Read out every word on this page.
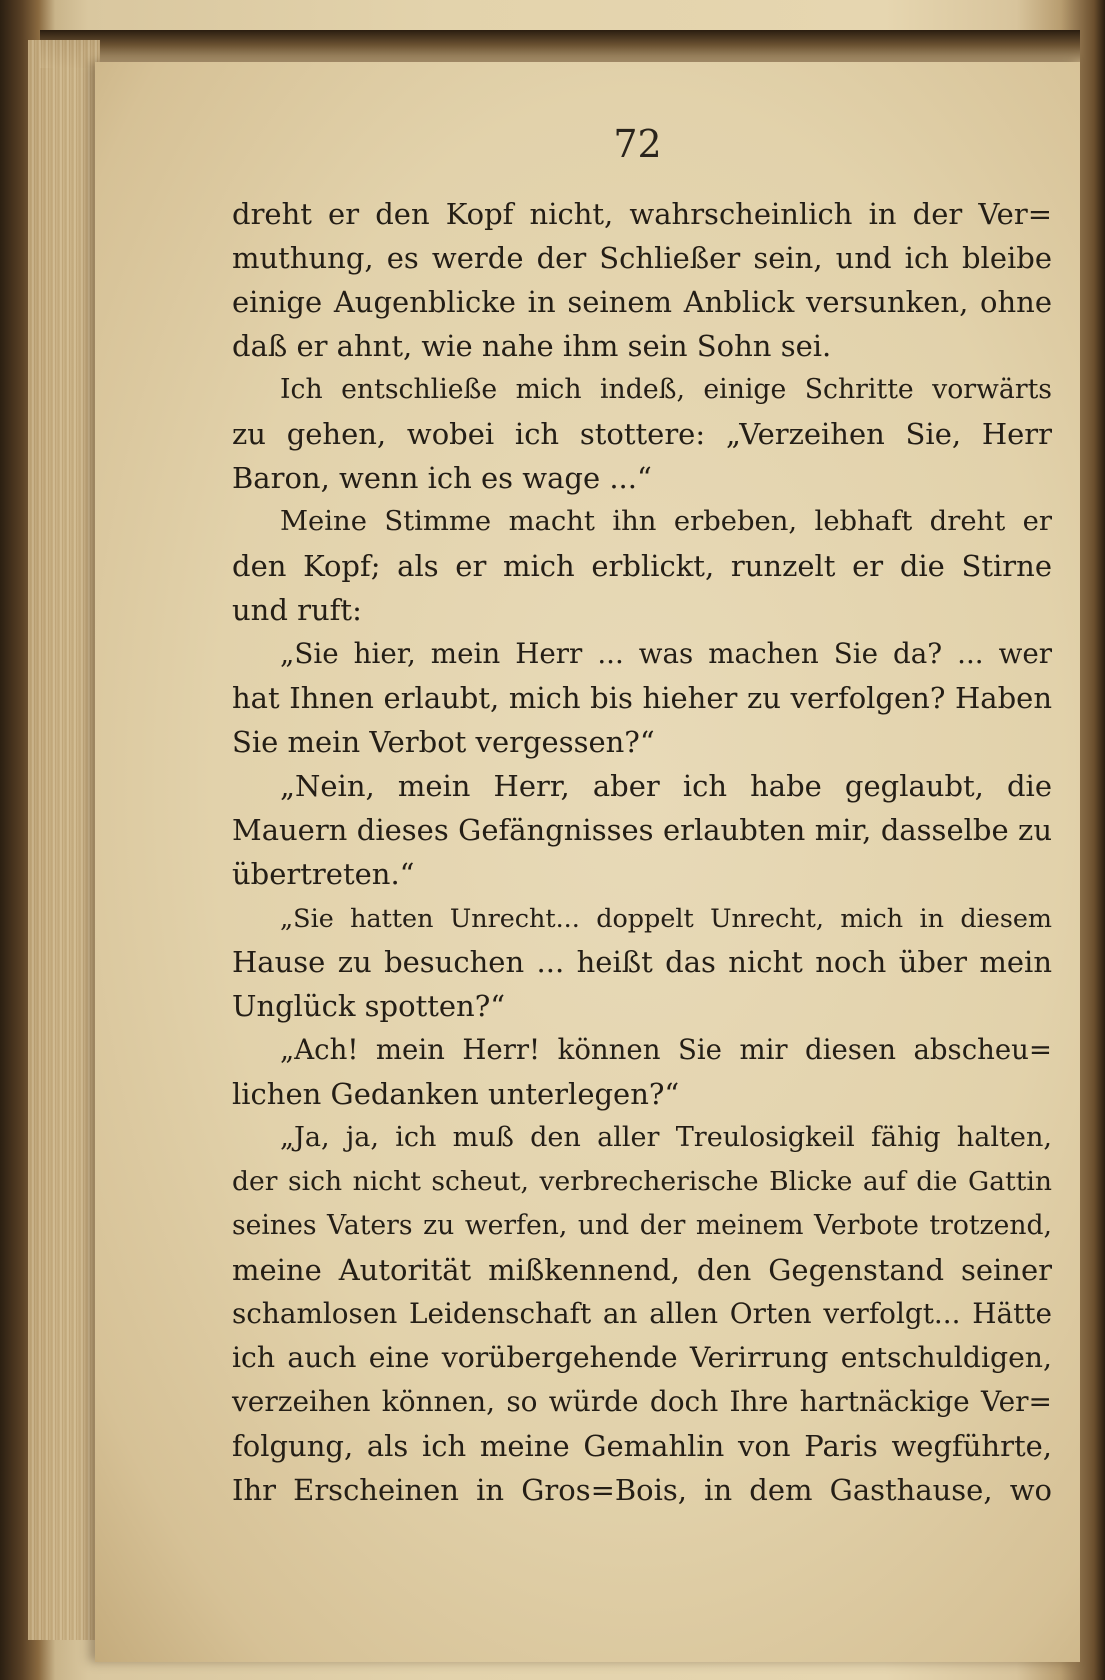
72
dreht er den Kopf nicht, wahrscheinlich in der Ver=
muthung, es werde der Schließer sein, und ich bleibe
einige Augenblicke in seinem Anblick versunken, ohne
daß er ahnt, wie nahe ihm sein Sohn sei.
Ich entschließe mich indeß, einige Schritte vorwärts
zu gehen, wobei ich stottere: „Verzeihen Sie, Herr
Baron, wenn ich es wage ...“
Meine Stimme macht ihn erbeben, lebhaft dreht er
den Kopf; als er mich erblickt, runzelt er die Stirne
und ruft:
„Sie hier, mein Herr ... was machen Sie da? ... wer
hat Ihnen erlaubt, mich bis hieher zu verfolgen? Haben
Sie mein Verbot vergessen?“
„Nein, mein Herr, aber ich habe geglaubt, die
Mauern dieses Gefängnisses erlaubten mir, dasselbe zu
übertreten.“
„Sie hatten Unrecht... doppelt Unrecht, mich in diesem
Hause zu besuchen ... heißt das nicht noch über mein
Unglück spotten?“
„Ach! mein Herr! können Sie mir diesen abscheu=
lichen Gedanken unterlegen?“
„Ja, ja, ich muß den aller Treulosigkeil fähig halten,
der sich nicht scheut, verbrecherische Blicke auf die Gattin
seines Vaters zu werfen, und der meinem Verbote trotzend,
meine Autorität mißkennend, den Gegenstand seiner
schamlosen Leidenschaft an allen Orten verfolgt... Hätte
ich auch eine vorübergehende Verirrung entschuldigen,
verzeihen können, so würde doch Ihre hartnäckige Ver=
folgung, als ich meine Gemahlin von Paris wegführte,
Ihr Erscheinen in Gros=Bois, in dem Gasthause, wo
